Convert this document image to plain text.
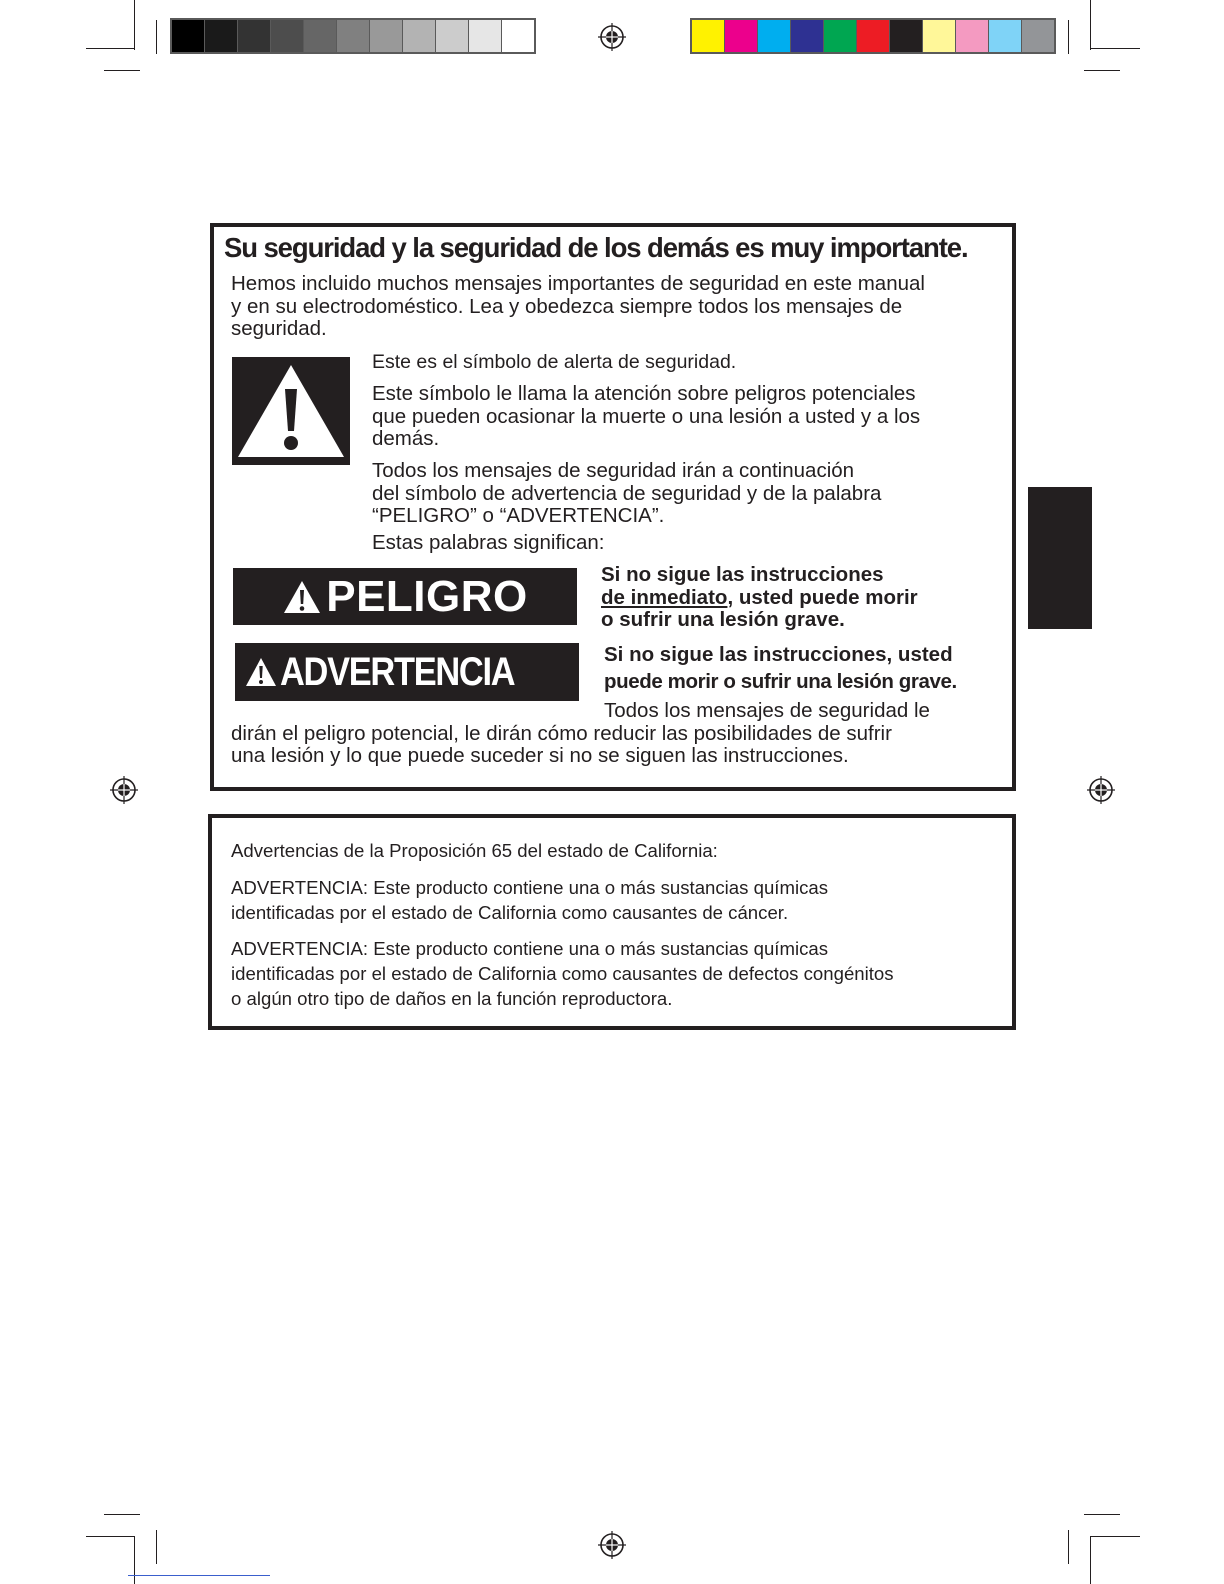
Su seguridad y la seguridad de los demás es muy importante.
Hemos incluido muchos mensajes importantes de seguridad en este manual
y en su electrodoméstico. Lea y obedezca siempre todos los mensajes de
seguridad.
Este es el símbolo de alerta de seguridad.
Este símbolo le llama la atención sobre peligros potenciales
que pueden ocasionar la muerte o una lesión a usted y a los
demás.
Todos los mensajes de seguridad irán a continuación
del símbolo de advertencia de seguridad y de la palabra
“PELIGRO” o “ADVERTENCIA”.
Estas palabras significan:
PELIGRO	Si no sigue las instrucciones
de inmediato, usted puede morir
o sufrir una lesión grave.
ADVERTENCIA	Si no sigue las instrucciones, usted
puede morir o sufrir una lesión grave.
Todos los mensajes de seguridad le
dirán el peligro potencial, le dirán cómo reducir las posibilidades de sufrir
una lesión y lo que puede suceder si no se siguen las instrucciones.
Advertencias de la Proposición 65 del estado de California:
ADVERTENCIA: Este producto contiene una o más sustancias químicas
identificadas por el estado de California como causantes de cáncer.
ADVERTENCIA: Este producto contiene una o más sustancias químicas
identificadas por el estado de California como causantes de defectos congénitos
o algún otro tipo de daños en la función reproductora.
